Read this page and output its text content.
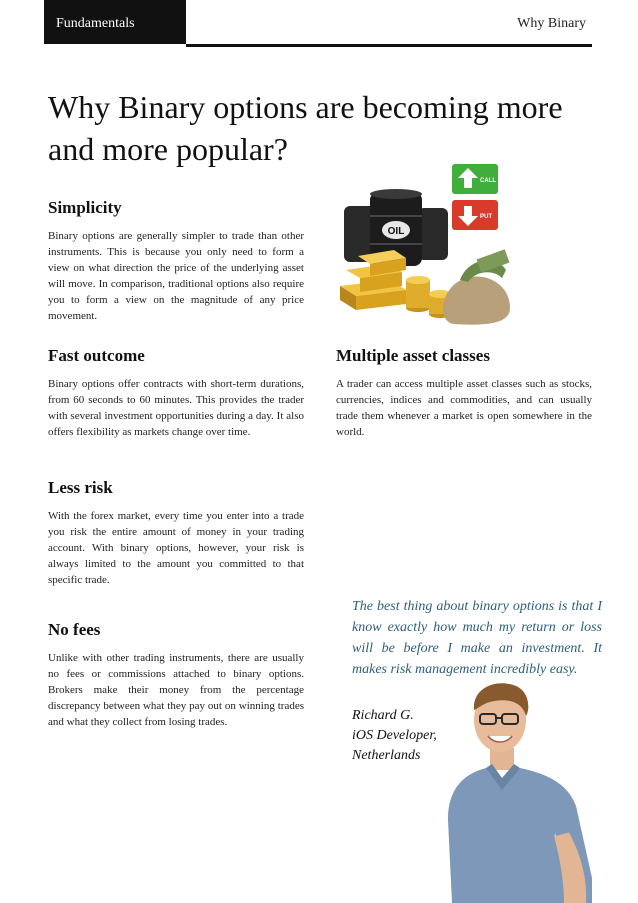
Fundamentals	Why Binary
Why Binary options are becoming more and more popular?
Simplicity

Binary options are generally simpler to trade than other instruments. This is because you only need to form a view on what direction the price of the underlying asset will move. In comparison, traditional options also require you to form a view on the magnitude of any price movement.

CALL
PUT
OIL
Fast outcome

Binary options offer contracts with short-term durations, from 60 seconds to 60 minutes. This provides the trader with several investment opportunities during a day. It also offers flexibility as markets change over time.

Multiple asset classes

A trader can access multiple asset classes such as stocks, currencies, indices and commodities, and can usually trade them whenever a market is open somewhere in the world.

Less risk

With the forex market, every time you enter into a trade you risk the entire amount of money in your trading account. With binary options, however, your risk is always limited to the amount you committed to that specific trade.

No fees

Unlike with other trading instruments, there are usually no fees or commissions attached to binary options. Brokers make their money from the percentage discrepancy between what they pay out on winning trades and what they collect from losing trades.

The best thing about binary options is that I know exactly how much my return or loss will be before I make an investment. It makes risk management incredibly easy.

Richard G.
iOS Developer,
Netherlands
